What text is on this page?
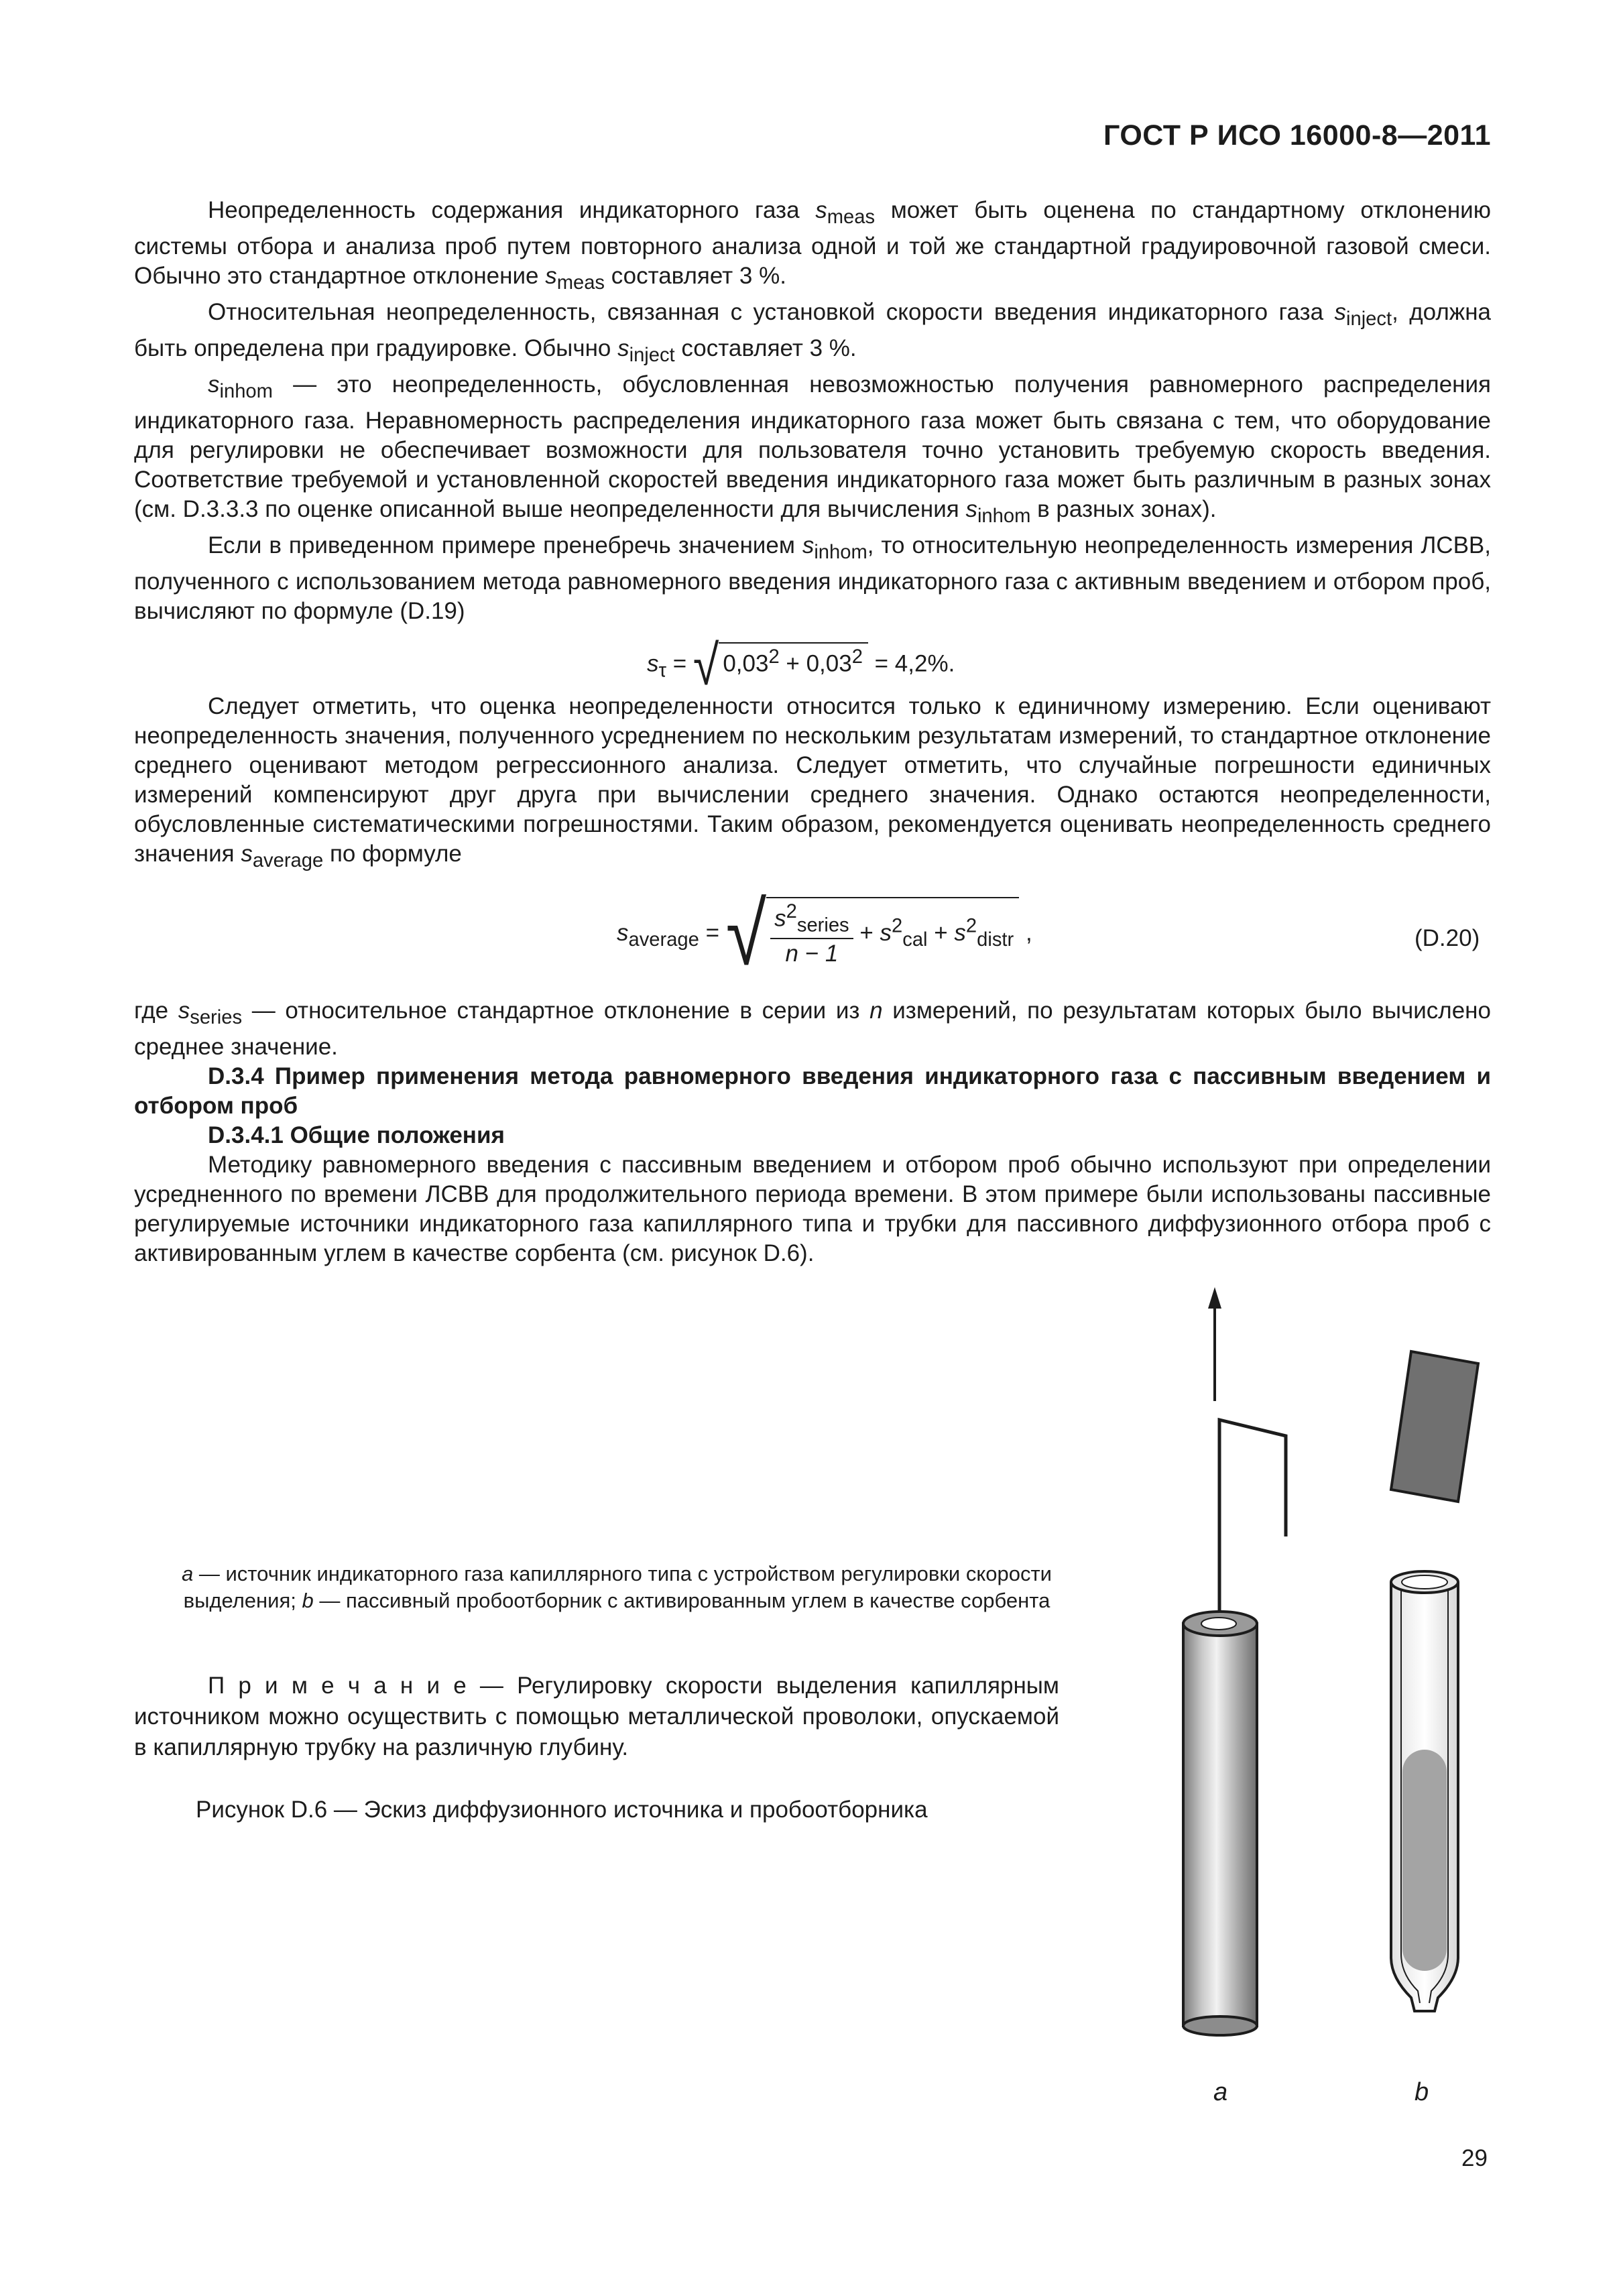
ГОСТ Р ИСО 16000-8—2011

Неопределенность содержания индикаторного газа $s_{meas}$ может быть оценена по стандартному отклонению системы отбора и анализа проб путем повторного анализа одной и той же стандартной градуировочной газовой смеси. Обычно это стандартное отклонение $s_{meas}$ составляет 3 %.

Относительная неопределенность, связанная с установкой скорости введения индикаторного газа $s_{inject}$, должна быть определена при градуировке. Обычно $s_{inject}$ составляет 3 %.

$s_{inhom}$ — это неопределенность, обусловленная невозможностью получения равномерного распределения индикаторного газа. Неравномерность распределения индикаторного газа может быть связана с тем, что оборудование для регулировки не обеспечивает возможности для пользователя точно установить требуемую скорость введения. Соответствие требуемой и установленной скоростей введения индикаторного газа может быть различным в разных зонах (см. D.3.3.3 по оценке описанной выше неопределенности для вычисления $s_{inhom}$ в разных зонах).

Если в приведенном примере пренебречь значением $s_{inhom}$, то относительную неопределенность измерения ЛСВВ, полученного с использованием метода равномерного введения индикаторного газа с активным введением и отбором проб, вычисляют по формуле (D.19)

$s_\tau$ = √ $0,03^2 + 0,03^2 = 4,2\%$.

Следует отметить, что оценка неопределенности относится только к единичному измерению. Если оценивают неопределенность значения, полученного усреднением по нескольким результатам измерений, то стандартное отклонение среднего оценивают методом регрессионного анализа. Следует отметить, что случайные погрешности единичных измерений компенсируют друг друга при вычислении среднего значения. Однако остаются неопределенности, обусловленные систематическими погрешностями. Таким образом, рекомендуется оценивать неопределенность среднего значения $s_{average}$ по формуле

$s_{average}$ = √ $\frac{s^2_{series}}{n - 1} + s^2_{cal} + s^2_{distr}$ ,	(D.20)

где $s_{series}$ — относительное стандартное отклонение в серии из n измерений, по результатам которых было вычислено среднее значение.

D.3.4 Пример применения метода равномерного введения индикаторного газа с пассивным введением и отбором проб

D.3.4.1 Общие положения

Методику равномерного введения с пассивным введением и отбором проб обычно используют при определении усредненного по времени ЛСВВ для продолжительного периода времени. В этом примере были использованы пассивные регулируемые источники индикаторного газа капиллярного типа и трубки для пассивного диффузионного отбора проб с активированным углем в качестве сорбента (см. рисунок D.6).

a — источник индикаторного газа капиллярного типа с устройством регулировки скорости выделения; b — пассивный пробоотборник с активированным углем в качестве сорбента
П р и м е ч а н и е — Регулировку скорости выделения капиллярным источником можно осуществить с помощью металлической проволоки, опускаемой в капиллярную трубку на различную глубину.
Рисунок D.6 — Эскиз диффузионного источника и пробоотборника
a	b
29
